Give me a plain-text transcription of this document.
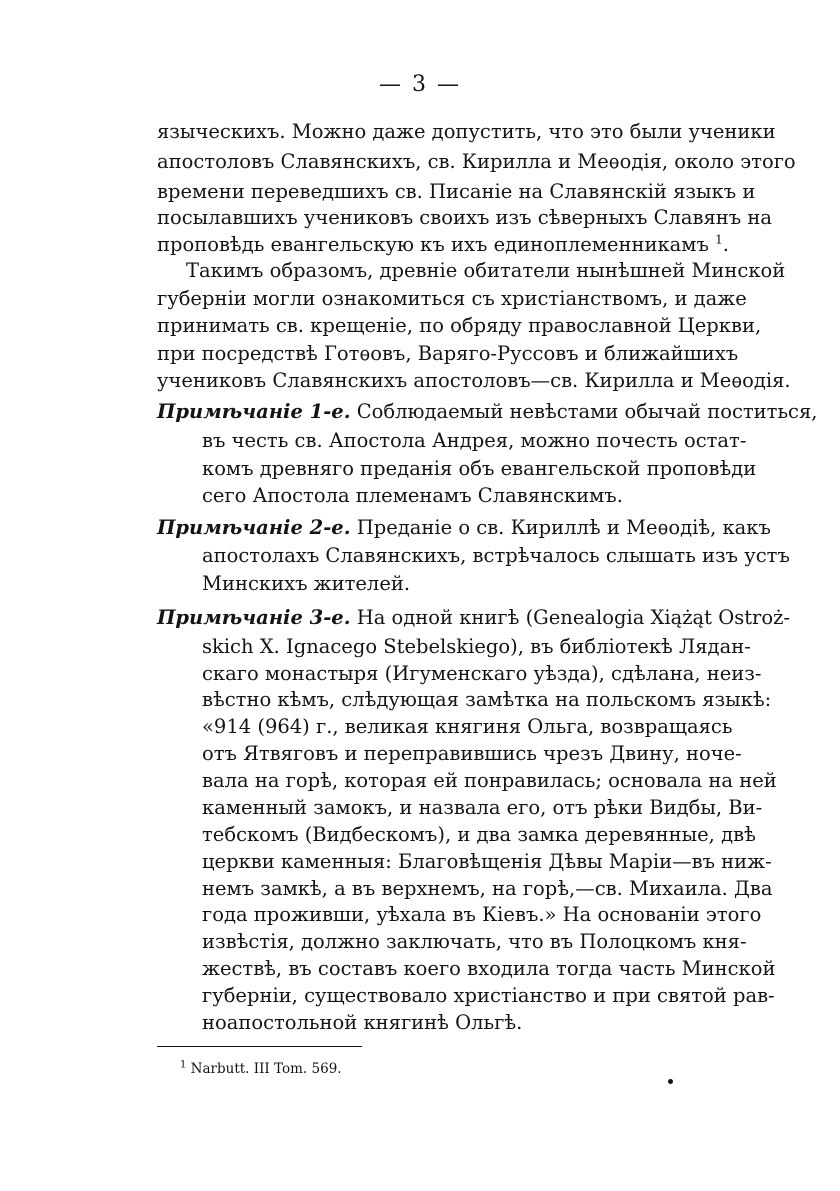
— 3 —
языческихъ. Можно даже допустить, что это были ученики
апостоловъ Славянскихъ, св. Кирилла и Меѳодія, около этого
времени переведшихъ св. Писаніе на Славянскій языкъ и
посылавшихъ учениковъ своихъ изъ сѣверныхъ Славянъ на
проповѣдь евангельскую къ ихъ единоплеменникамъ $^1$.
Такимъ образомъ, древніе обитатели нынѣшней Минской
губерніи могли ознакомиться съ христіанствомъ, и даже
принимать св. крещеніе, по обряду православной Церкви,
при посредствѣ Готѳовъ, Варяго-Руссовъ и ближайшихъ
учениковъ Славянскихъ апостоловъ—св. Кирилла и Меѳодія.
Примѣчаніе 1-е. Соблюдаемый невѣстами обычай поститься,
въ честь св. Апостола Андрея, можно почесть остат-
комъ древняго преданія объ евангельской проповѣди
сего Апостола племенамъ Славянскимъ.
Примѣчаніе 2-е. Преданіе о св. Кириллѣ и Меѳодіѣ, какъ
апостолахъ Славянскихъ, встрѣчалось слышать изъ устъ
Минскихъ жителей.
Примѣчаніе 3-е. На одной книгѣ (Genealogia Xiążąt Ostroż-
skich X. Ignacego Stebelskiego), въ библіотекѣ Лядан-
скаго монастыря (Игуменскаго уѣзда), сдѣлана, неиз-
вѣстно кѣмъ, слѣдующая замѣтка на польскомъ языкѣ:
«914 (964) г., великая княгиня Ольга, возвращаясь
отъ Ятвяговъ и переправившись чрезъ Двину, ноче-
вала на горѣ, которая ей понравилась; основала на ней
каменный замокъ, и назвала его, отъ рѣки Видбы, Ви-
тебскомъ (Видбескомъ), и два замка деревянные, двѣ
церкви каменныя: Благовѣщенія Дѣвы Маріи—въ ниж-
немъ замкѣ, а въ верхнемъ, на горѣ,—св. Михаила. Два
года проживши, уѣхала въ Кіевъ.» На основаніи этого
извѣстія, должно заключать, что въ Полоцкомъ кня-
жествѣ, въ составъ коего входила тогда часть Минской
губерніи, существовало христіанство и при святой рав-
ноапостольной княгинѣ Ольгѣ.
$^1$ Narbutt. III Tom. 569.
